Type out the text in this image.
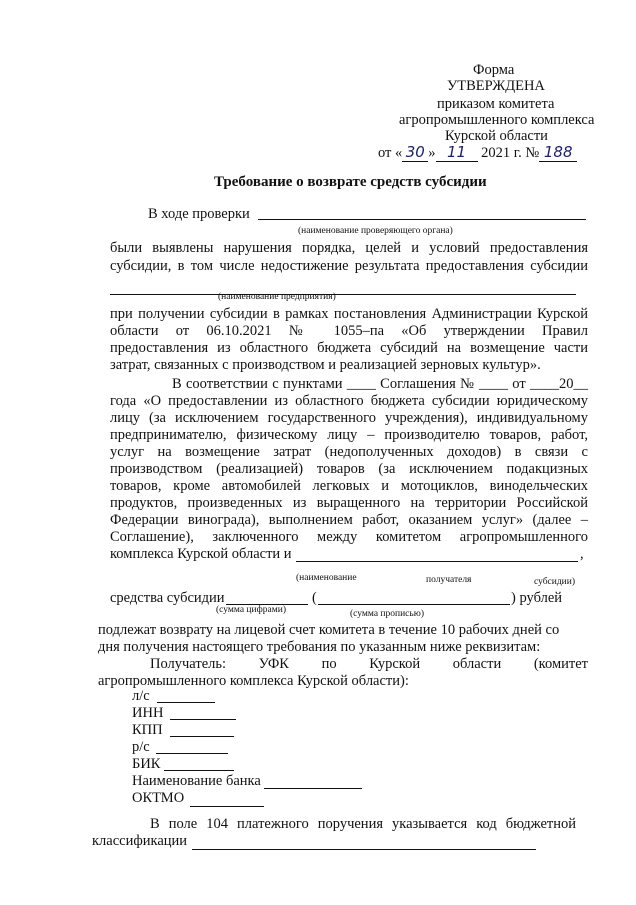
Форма
УТВЕРЖДЕНА
приказом комитета
агропромышленного комплекса
Курской области
от « 30 » 11 2021 г. № 188
Требование о возврате средств субсидии
В ходе проверки
(наименование проверяющего органа)
были выявлены нарушения порядка, целей и условий предоставления
субсидии, в том числе недостижение результата предоставления субсидии
(наименование предприятия)
при получении субсидии в рамках постановления Администрации Курской
области от 06.10.2021 № 1055–па «Об утверждении Правил
предоставления из областного бюджета субсидий на возмещение части
затрат, связанных с производством и реализацией зерновых культур».
В соответствии с пунктами ____ Соглашения № ____ от ____20__
года «О предоставлении из областного бюджета субсидии юридическому
лицу (за исключением государственного учреждения), индивидуальному
предпринимателю, физическому лицу – производителю товаров, работ,
услуг на возмещение затрат (недополученных доходов) в связи с
производством (реализацией) товаров (за исключением подакцизных
товаров, кроме автомобилей легковых и мотоциклов, винодельческих
продуктов, произведенных из выращенного на территории Российской
Федерации винограда), выполнением работ, оказанием услуг» (далее –
Соглашение), заключенного между комитетом агропромышленного
комплекса Курской области и	,
(наименование	получателя	субсидии)
средства субсидии	(	) рублей
(сумма цифрами)	(сумма прописью)
подлежат возврату на лицевой счет комитета в течение 10 рабочих дней со
дня получения настоящего требования по указанным ниже реквизитам:
Получатель: УФК по Курской области (комитет
агропромышленного комплекса Курской области):
л/с
ИНН
КПП
р/с
БИК
Наименование банка
ОКТМО
В поле 104 платежного поручения указывается код бюджетной
классификации
